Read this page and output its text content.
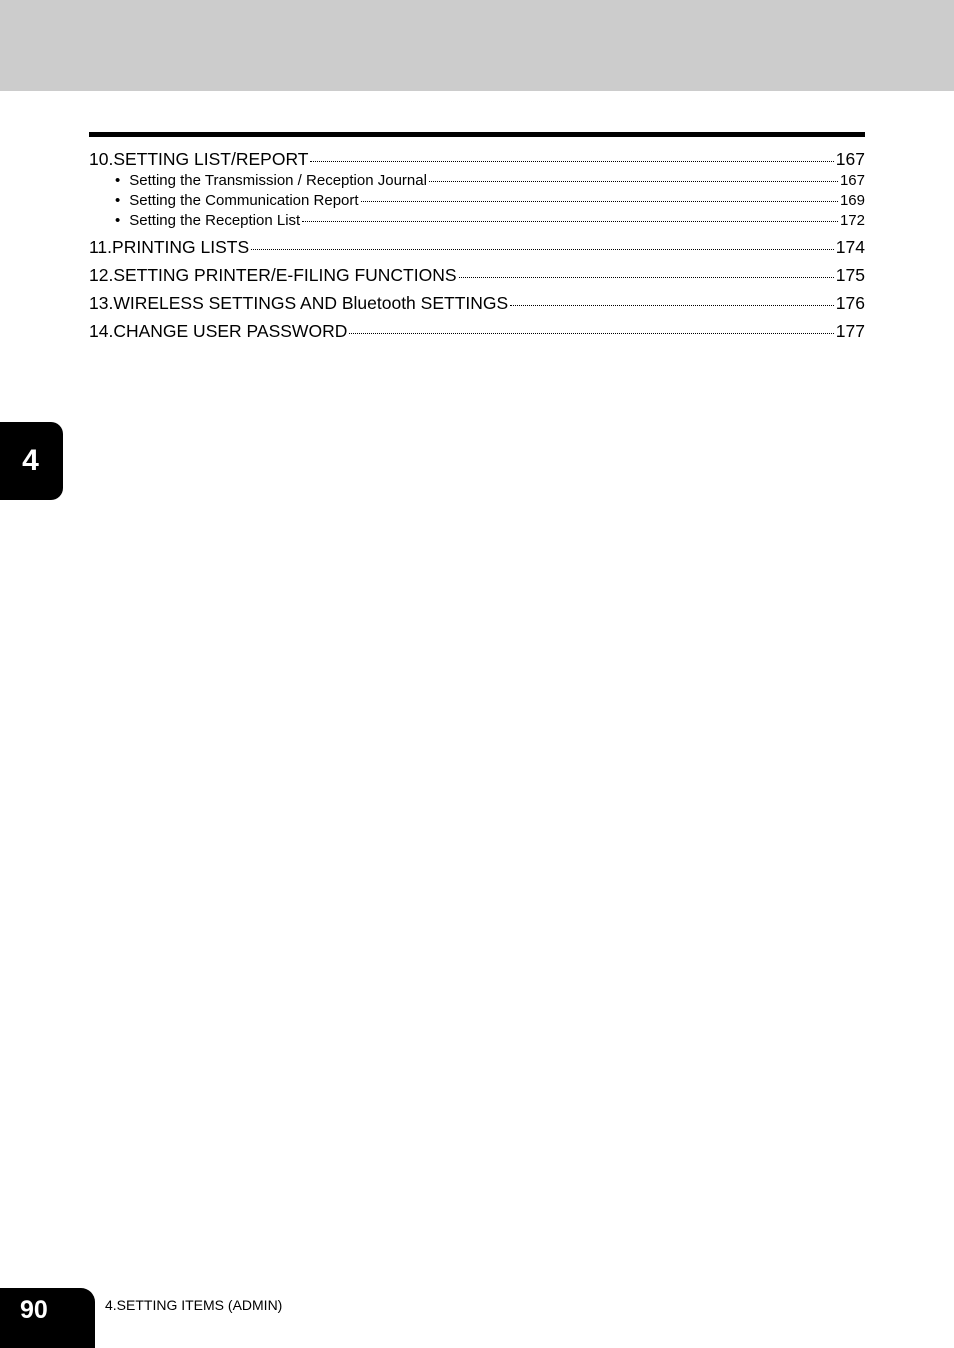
10. SETTING LIST/REPORT	167
• Setting the Transmission / Reception Journal	167
• Setting the Communication Report	169
• Setting the Reception List	172
11. PRINTING LISTS	174
12. SETTING PRINTER/E-FILING FUNCTIONS	175
13. WIRELESS SETTINGS AND Bluetooth SETTINGS	176
14. CHANGE USER PASSWORD	177
4
90	4.SETTING ITEMS (ADMIN)
